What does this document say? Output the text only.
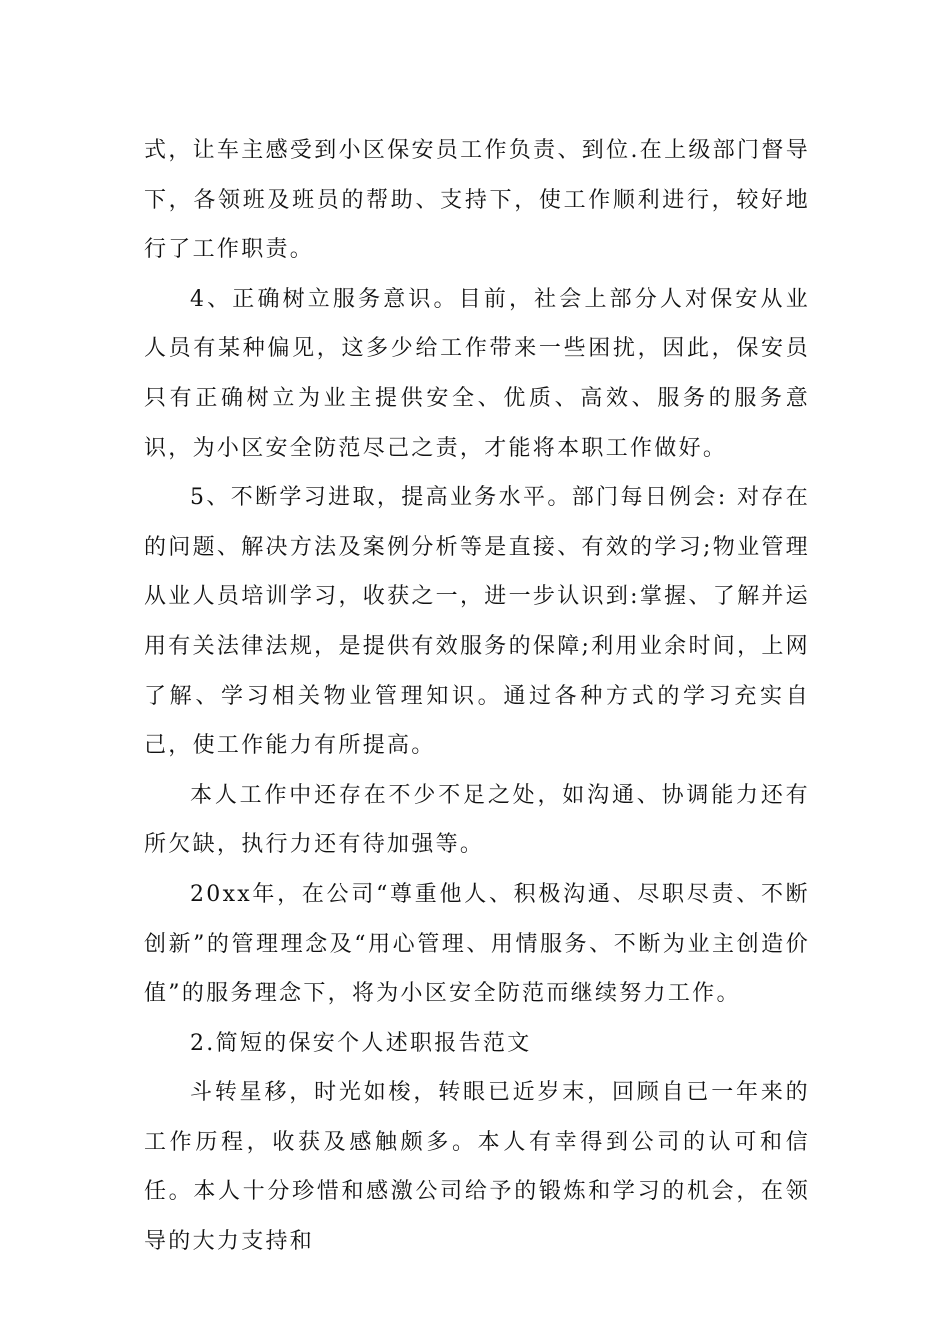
式，让车主感受到小区保安员工作负责、到位.在上级部门督导下，各领班及班员的帮助、支持下，使工作顺利进行，较好地行了工作职责。

4、正确树立服务意识。目前，社会上部分人对保安从业人员有某种偏见，这多少给工作带来一些困扰，因此，保安员只有正确树立为业主提供安全、优质、高效、服务的服务意识，为小区安全防范尽己之责，才能将本职工作做好。

5、不断学习进取，提高业务水平。部门每日例会: 对存在的问题、解决方法及案例分析等是直接、有效的学习;物业管理从业人员培训学习，收获之一，进一步认识到:掌握、了解并运用有关法律法规，是提供有效服务的保障;利用业余时间，上网了解、学习相关物业管理知识。通过各种方式的学习充实自己，使工作能力有所提高。

本人工作中还存在不少不足之处，如沟通、协调能力还有所欠缺，执行力还有待加强等。

20xx年，在公司“尊重他人、积极沟通、尽职尽责、不断创新”的管理理念及“用心管理、用情服务、不断为业主创造价值”的服务理念下，将为小区安全防范而继续努力工作。

2.简短的保安个人述职报告范文

斗转星移，时光如梭，转眼已近岁末，回顾自已一年来的工作历程，收获及感触颇多。本人有幸得到公司的认可和信任。本人十分珍惜和感激公司给予的锻炼和学习的机会，在领导的大力支持和
